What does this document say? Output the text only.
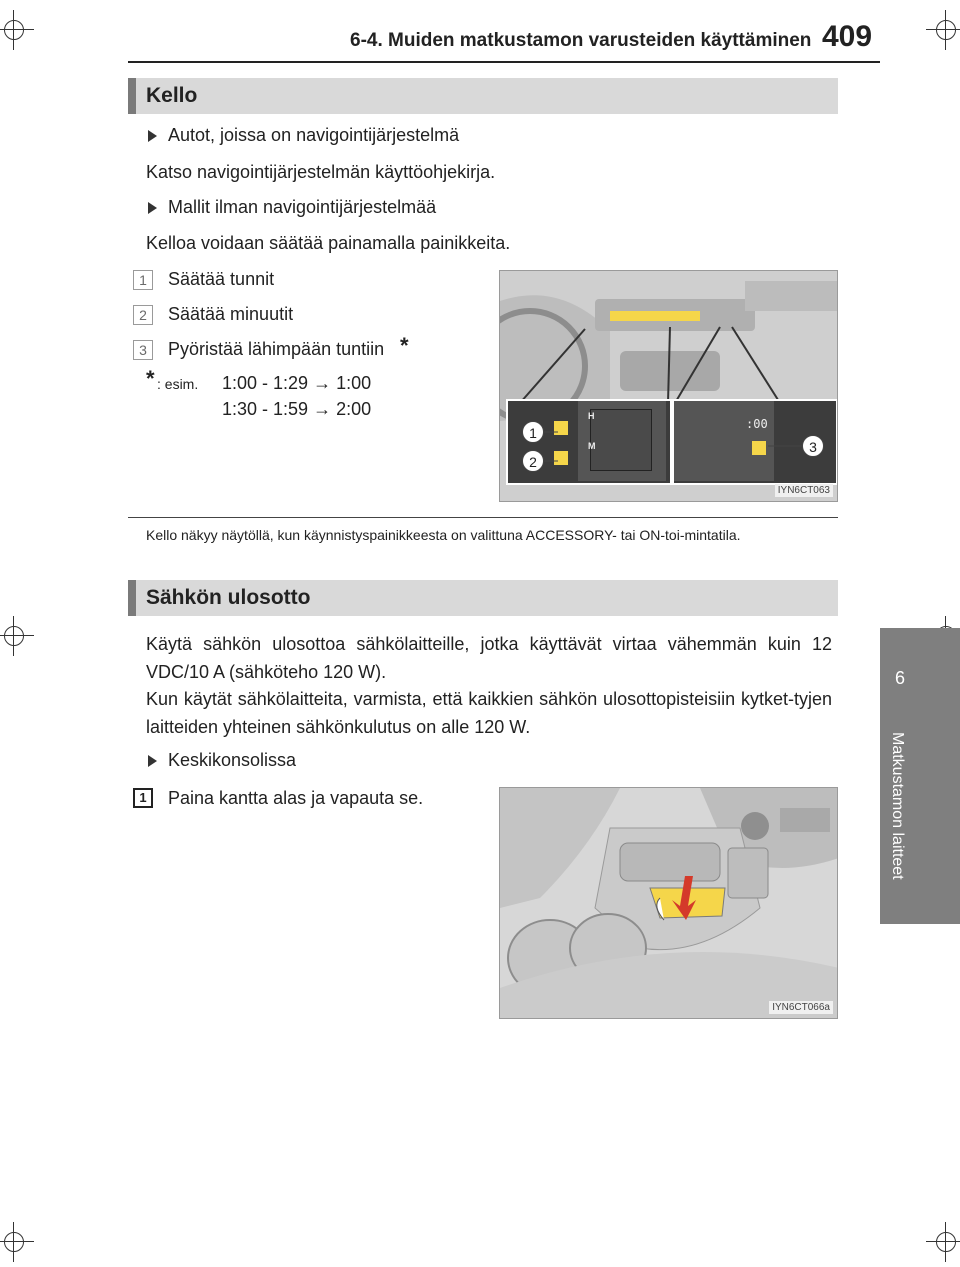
6-4. Muiden matkustamon varusteiden käyttäminen 409
6
Matkustamon laitteet
Kello
Autot, joissa on navigointijärjestelmä
Katso navigointijärjestelmän käyttöohjekirja.
Mallit ilman navigointijärjestelmää
Kelloa voidaan säätää painamalla painikkeita.
1	Säätää tunnit
2	Säätää minuutit
3	Pyöristää lähimpään tuntiin *
* : esim. 1:00 - 1:29 → 1:00
1:30 - 1:59 → 2:00	H
M
:00
1
2
3
IYN6CT063
Kello näkyy näytöllä, kun käynnistyspainikkeesta on valittuna ACCESSORY- tai ON-toi-mintatila.
Sähkön ulosotto
Käytä sähkön ulosottoa sähkölaitteille, jotka käyttävät virtaa vähemmän kuin 12 VDC/10 A (sähköteho 120 W).
Kun käytät sähkölaitteita, varmista, että kaikkien sähkön ulosottopisteisiin kytket-tyjen laitteiden yhteinen sähkönkulutus on alle 120 W.
Keskikonsolissa
1	Paina kantta alas ja vapauta se.
IYN6CT066a
